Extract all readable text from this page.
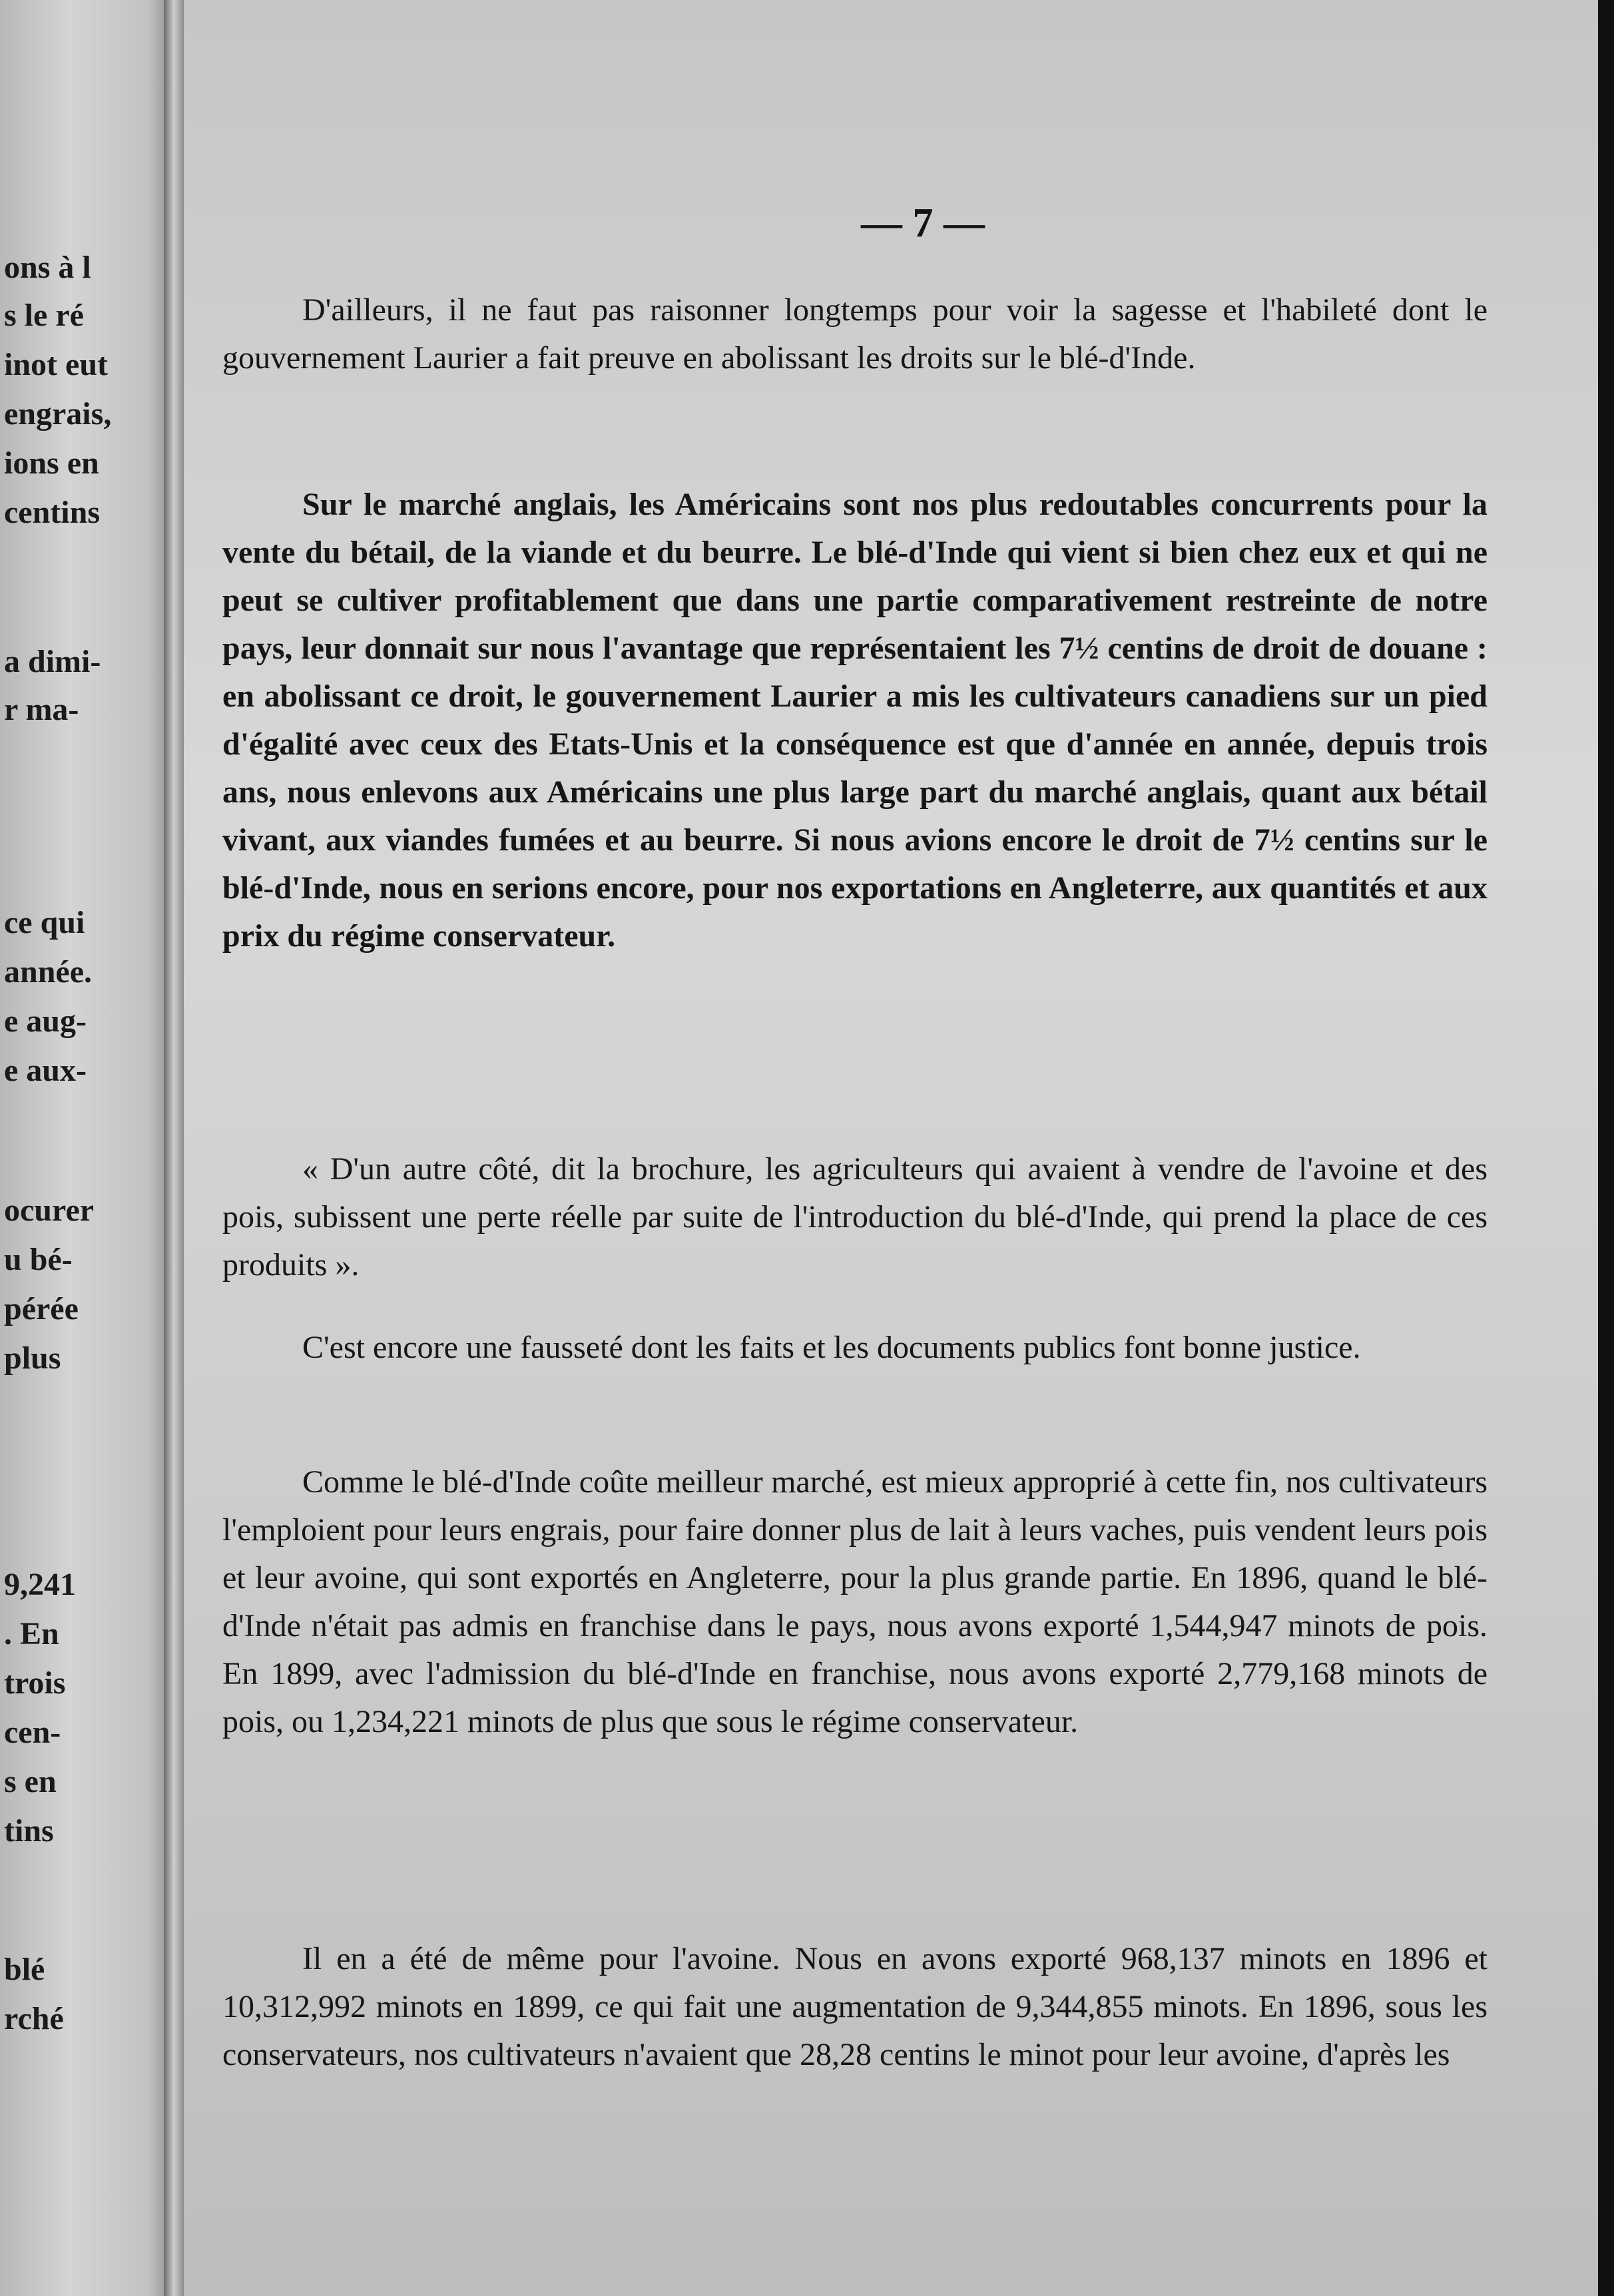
ons à l
s le ré
inot eut
engrais,
ions en
centins
a dimi-
r ma-
ce qui
année.
e aug-
e aux-
ocurer
u bé-
pérée
plus
9,241
. En
trois
cen-
s en
tins
blé
rché
— 7 —

D'ailleurs, il ne faut pas raisonner longtemps pour voir la sagesse et l'habileté dont le gouvernement Laurier a fait preuve en abolissant les droits sur le blé-d'Inde.

Sur le marché anglais, les Américains sont nos plus redoutables concurrents pour la vente du bétail, de la viande et du beurre. Le blé-d'Inde qui vient si bien chez eux et qui ne peut se cultiver profitablement que dans une partie comparativement restreinte de notre pays, leur donnait sur nous l'avantage que représentaient les 7½ centins de droit de douane : en abolissant ce droit, le gouvernement Laurier a mis les cultivateurs canadiens sur un pied d'égalité avec ceux des Etats-Unis et la conséquence est que d'année en année, depuis trois ans, nous enlevons aux Américains une plus large part du marché anglais, quant aux bétail vivant, aux viandes fumées et au beurre. Si nous avions encore le droit de 7½ centins sur le blé-d'Inde, nous en serions encore, pour nos exportations en Angleterre, aux quantités et aux prix du régime conservateur.

« D'un autre côté, dit la brochure, les agriculteurs qui avaient à vendre de l'avoine et des pois, subissent une perte réelle par suite de l'introduction du blé-d'Inde, qui prend la place de ces produits ».

C'est encore une fausseté dont les faits et les documents publics font bonne justice.

Comme le blé-d'Inde coûte meilleur marché, est mieux approprié à cette fin, nos cultivateurs l'emploient pour leurs engrais, pour faire donner plus de lait à leurs vaches, puis vendent leurs pois et leur avoine, qui sont exportés en Angleterre, pour la plus grande partie. En 1896, quand le blé-d'Inde n'était pas admis en franchise dans le pays, nous avons exporté 1,544,947 minots de pois. En 1899, avec l'admission du blé-d'Inde en franchise, nous avons exporté 2,779,168 minots de pois, ou 1,234,221 minots de plus que sous le régime conservateur.

Il en a été de même pour l'avoine. Nous en avons exporté 968,137 minots en 1896 et 10,312,992 minots en 1899, ce qui fait une augmentation de 9,344,855 minots. En 1896, sous les conservateurs, nos cultivateurs n'avaient que 28,28 centins le minot pour leur avoine, d'après les
